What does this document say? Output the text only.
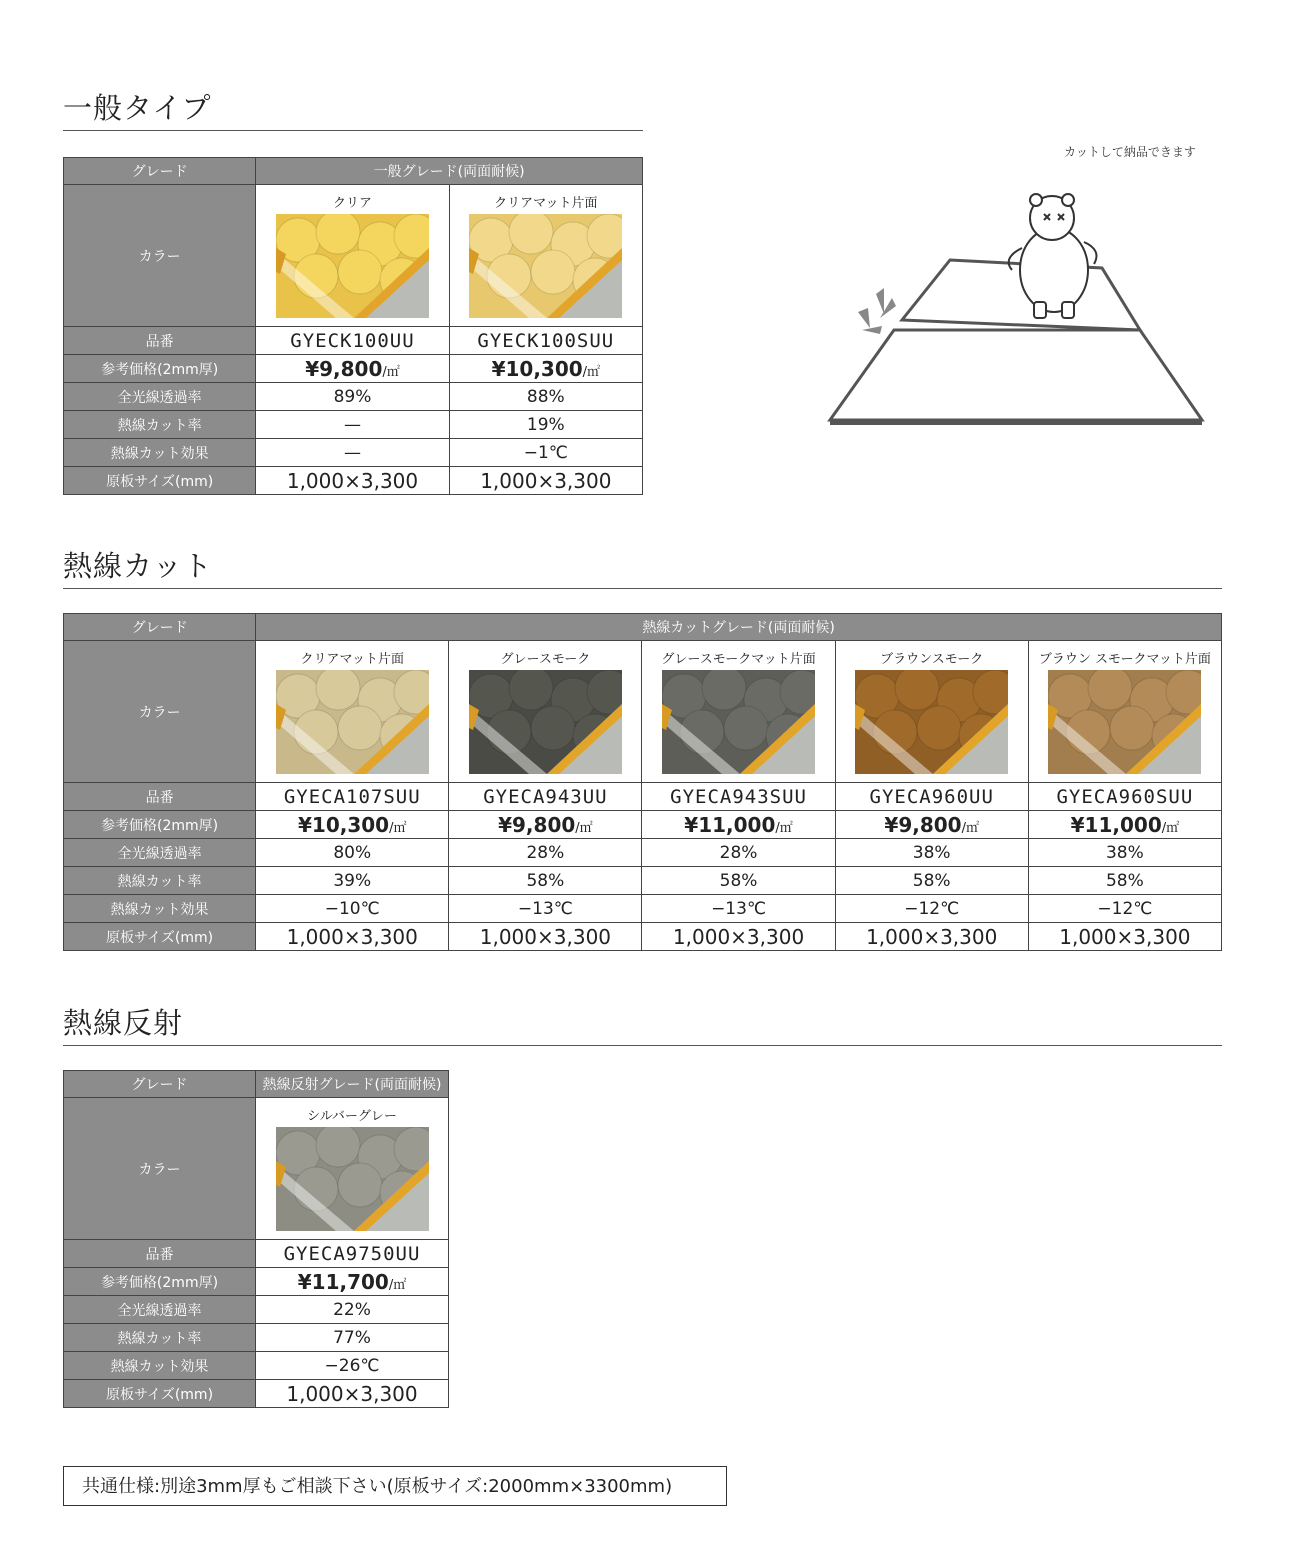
一般タイプ
グレード	一般グレード(両面耐候)	
カラー	クリア	クリアマット片面

品番	GYECK100UU	GYECK100SUU
参考価格(2mm厚)	¥9,800/㎡	¥10,300/㎡
全光線透過率	89%	88%
熱線カット率	—	19%
熱線カット効果	—	−1℃
原板サイズ(mm)	1,000×3,300	1,000×3,300
熱線カット
グレード	熱線カットグレード(両面耐候)				
カラー	クリアマット片面	グレースモーク	グレースモークマット片面	ブラウンスモーク	ブラウン スモークマット片面

品番	GYECA107SUU	GYECA943UU	GYECA943SUU	GYECA960UU	GYECA960SUU
参考価格(2mm厚)	¥10,300/㎡	¥9,800/㎡	¥11,000/㎡	¥9,800/㎡	¥11,000/㎡
全光線透過率	80%	28%	28%	38%	38%
熱線カット率	39%	58%	58%	58%	58%
熱線カット効果	−10℃	−13℃	−13℃	−12℃	−12℃
原板サイズ(mm)	1,000×3,300	1,000×3,300	1,000×3,300	1,000×3,300	1,000×3,300
熱線反射
グレード	熱線反射グレード(両面耐候)
カラー	シルバーグレー

品番	GYECA9750UU
参考価格(2mm厚)	¥11,700/㎡
全光線透過率	22%
熱線カット率	77%
熱線カット効果	−26℃
原板サイズ(mm)	1,000×3,300
カットして納品できます
共通仕様:別途3mm厚もご相談下さい(原板サイズ:2000mm×3300mm)
